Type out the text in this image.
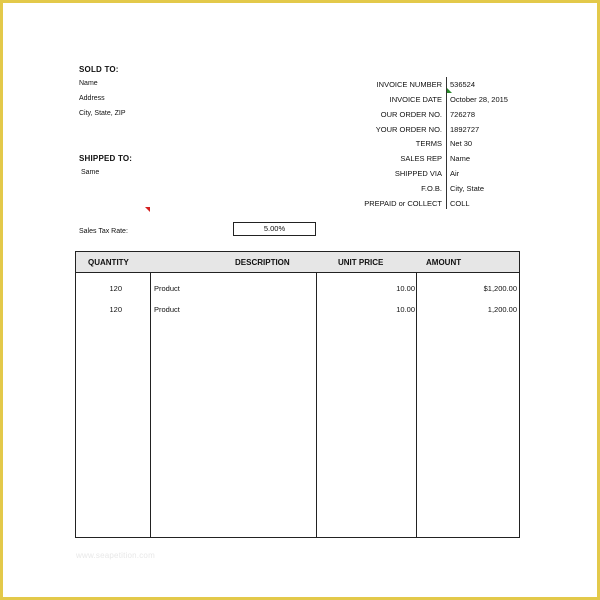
SOLD TO:
Name
Address
City, State, ZIP
SHIPPED TO:
Same
INVOICE NUMBER 536524
INVOICE DATE October 28, 2015
OUR ORDER NO. 726278
YOUR ORDER NO. 1892727
TERMS Net 30
SALES REP Name
SHIPPED VIA Air
F.O.B. City, State
PREPAID or COLLECT COLL
Sales Tax Rate:	5.00%
QUANTITY	DESCRIPTION	UNIT PRICE	AMOUNT
120	Product	10.00	$1,200.00
120	Product	10.00	1,200.00
www.seapetition.com
